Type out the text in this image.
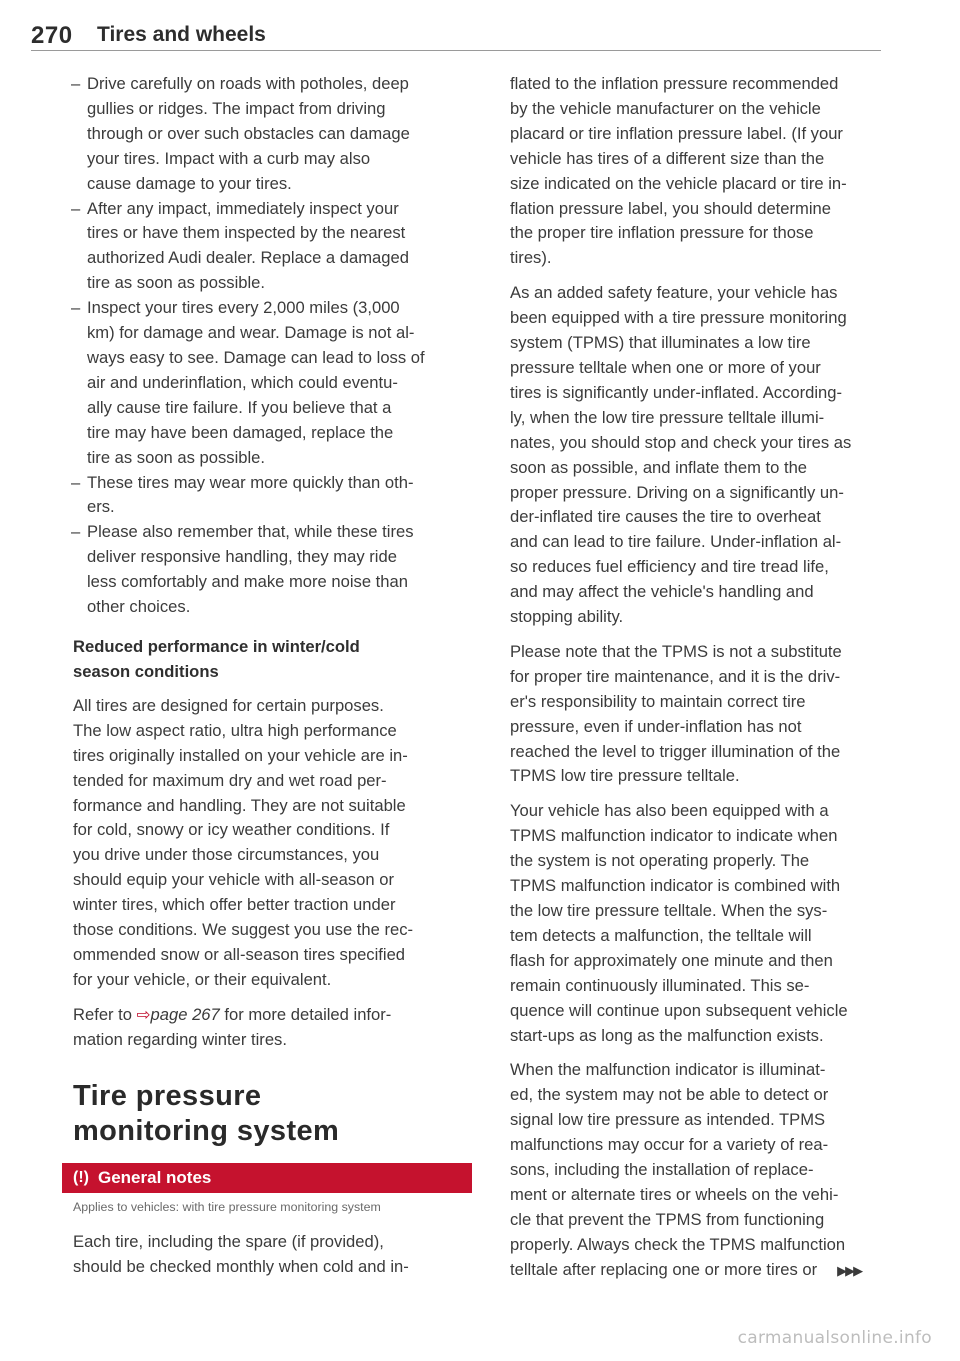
270 Tires and wheels
– Drive carefully on roads with potholes, deep
gullies or ridges. The impact from driving
through or over such obstacles can damage
your tires. Impact with a curb may also
cause damage to your tires.
– After any impact, immediately inspect your
tires or have them inspected by the nearest
authorized Audi dealer. Replace a damaged
tire as soon as possible.
– Inspect your tires every 2,000 miles (3,000
km) for damage and wear. Damage is not al-
ways easy to see. Damage can lead to loss of
air and underinflation, which could eventu-
ally cause tire failure. If you believe that a
tire may have been damaged, replace the
tire as soon as possible.
– These tires may wear more quickly than oth-
ers.
– Please also remember that, while these tires
deliver responsive handling, they may ride
less comfortably and make more noise than
other choices.
Reduced performance in winter/cold
season conditions

All tires are designed for certain purposes.
The low aspect ratio, ultra high performance
tires originally installed on your vehicle are in-
tended for maximum dry and wet road per-
formance and handling. They are not suitable
for cold, snowy or icy weather conditions. If
you drive under those circumstances, you
should equip your vehicle with all-season or
winter tires, which offer better traction under
those conditions. We suggest you use the rec-
ommended snow or all-season tires specified
for your vehicle, or their equivalent.

Refer to ⇨page 267 for more detailed infor-
mation regarding winter tires.

Tire pressure
monitoring system
(!) General notes
Applies to vehicles: with tire pressure monitoring system

Each tire, including the spare (if provided),
should be checked monthly when cold and in-

flated to the inflation pressure recommended
by the vehicle manufacturer on the vehicle
placard or tire inflation pressure label. (If your
vehicle has tires of a different size than the
size indicated on the vehicle placard or tire in-
flation pressure label, you should determine
the proper tire inflation pressure for those
tires).

As an added safety feature, your vehicle has
been equipped with a tire pressure monitoring
system (TPMS) that illuminates a low tire
pressure telltale when one or more of your
tires is significantly under-inflated. According-
ly, when the low tire pressure telltale illumi-
nates, you should stop and check your tires as
soon as possible, and inflate them to the
proper pressure. Driving on a significantly un-
der-inflated tire causes the tire to overheat
and can lead to tire failure. Under-inflation al-
so reduces fuel efficiency and tire tread life,
and may affect the vehicle's handling and
stopping ability.

Please note that the TPMS is not a substitute
for proper tire maintenance, and it is the driv-
er's responsibility to maintain correct tire
pressure, even if under-inflation has not
reached the level to trigger illumination of the
TPMS low tire pressure telltale.

Your vehicle has also been equipped with a
TPMS malfunction indicator to indicate when
the system is not operating properly. The
TPMS malfunction indicator is combined with
the low tire pressure telltale. When the sys-
tem detects a malfunction, the telltale will
flash for approximately one minute and then
remain continuously illuminated. This se-
quence will continue upon subsequent vehicle
start-ups as long as the malfunction exists.

When the malfunction indicator is illuminat-
ed, the system may not be able to detect or
signal low tire pressure as intended. TPMS
malfunctions may occur for a variety of rea-
sons, including the installation of replace-
ment or alternate tires or wheels on the vehi-
cle that prevent the TPMS from functioning
properly. Always check the TPMS malfunction
telltale after replacing one or more tires or ▶▶▶

carmanualsonline.info
